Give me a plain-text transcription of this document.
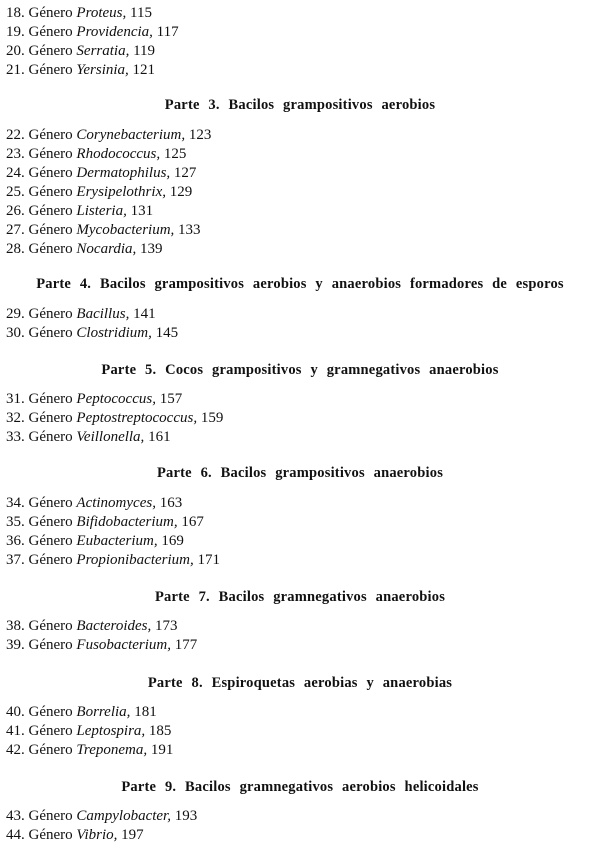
18. Género Proteus, 115
19. Género Providencia, 117
20. Género Serratia, 119
21. Género Yersinia, 121
Parte 3. Bacilos grampositivos aerobios
22. Género Corynebacterium, 123
23. Género Rhodococcus, 125
24. Género Dermatophilus, 127
25. Género Erysipelothrix, 129
26. Género Listeria, 131
27. Género Mycobacterium, 133
28. Género Nocardia, 139
Parte 4. Bacilos grampositivos aerobios y anaerobios formadores de esporos
29. Género Bacillus, 141
30. Género Clostridium, 145
Parte 5. Cocos grampositivos y gramnegativos anaerobios
31. Género Peptococcus, 157
32. Género Peptostreptococcus, 159
33. Género Veillonella, 161
Parte 6. Bacilos grampositivos anaerobios
34. Género Actinomyces, 163
35. Género Bifidobacterium, 167
36. Género Eubacterium, 169
37. Género Propionibacterium, 171
Parte 7. Bacilos gramnegativos anaerobios
38. Género Bacteroides, 173
39. Género Fusobacterium, 177
Parte 8. Espiroquetas aerobias y anaerobias
40. Género Borrelia, 181
41. Género Leptospira, 185
42. Género Treponema, 191
Parte 9. Bacilos gramnegativos aerobios helicoidales
43. Género Campylobacter, 193
44. Género Vibrio, 197
